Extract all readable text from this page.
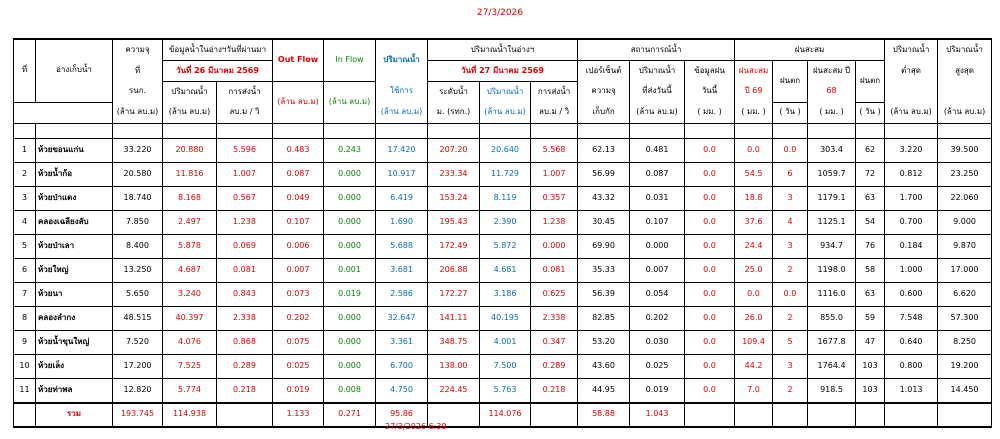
27/3/2026
ที่	อ่างเก็บน้ำ	ความจุ	ข้อมูลน้ำในอ่างฯวันที่ผ่านมา		Out Flow	In Flow	ปริมาณน้ำ	ปริมาณน้ำในอ่างฯ			สถานการณ์น้ำ			ฝนสะสม				ปริมาณน้ำ	ปริมาณน้ำ
		ที่	วันที่ 26 มีนาคม 2569					วันที่ 27 มีนาคม 2569			เปอร์เซ็นต์	ปริมาณน้ำ	ข้อมูลฝน	ฝนสะสม	ฝนตก	ฝนสะสม ปี	ฝนตก	ต่ำสุด	สูงสุด
		รนก.	ปริมาณน้ำ	การส่งน้ำ	(ล้าน ลบ.ม)	(ล้าน ลบ.ม)	ใช้การ	ระดับน้ำ	ปริมาณน้ำ	การส่งน้ำ	ความจุ	ที่ส่งวันนี้	วันนี้	ปี 69		68			
		(ล้าน ลบ.ม)	(ล้าน ลบ.ม)	ลบ.ม / วิ			(ล้าน ลบ.ม)	ม. (รทก.)	(ล้าน ลบ.ม)	ลบ.ม / วิ	เก็บกัก	(ล้าน ลบ.ม)	( มม. )	( มม. )	( วัน )	( มม. )	( วัน )	(ล้าน ลบ.ม)	(ล้าน ลบ.ม)

1	ห้วยขอนแก่น	33.220	20.880	5.596	0.483	0.243	17.420	207.20	20.640	5.568	62.13	0.481	0.0	0.0	0.0	303.4	62	3.220	39.500
2	ห้วยน้ำก้อ	20.580	11.816	1.007	0.087	0.000	10.917	233.34	11.729	1.007	56.99	0.087	0.0	54.5	6	1059.7	72	0.812	23.250
3	ห้วยป่าแดง	18.740	8.168	0.567	0.049	0.000	6.419	153.24	8.119	0.357	43.32	0.031	0.0	18.8	3	1179.1	63	1.700	22.060
4	คลองเฉลียงลับ	7.850	2.497	1.238	0.107	0.000	1.690	195.43	2.390	1.238	30.45	0.107	0.0	37.6	4	1125.1	54	0.700	9.000
5	ห้วยป่าเลา	8.400	5.878	0.069	0.006	0.000	5.688	172.49	5.872	0.000	69.90	0.000	0.0	24.4	3	934.7	76	0.184	9.870
6	ห้วยใหญ่	13.250	4.687	0.081	0.007	0.001	3.681	206.88	4.681	0.081	35.33	0.007	0.0	25.0	2	1198.0	58	1.000	17.000
7	ห้วยนา	5.650	3.240	0.843	0.073	0.019	2.586	172.27	3.186	0.625	56.39	0.054	0.0	0.0	0.0	1116.0	63	0.600	6.620
8	คลองลำกง	48.515	40.397	2.338	0.202	0.000	32.647	141.11	40.195	2.338	82.85	0.202	0.0	26.0	2	855.0	59	7.548	57.300
9	ห้วยน้ำขุนใหญ่	7.520	4.076	0.868	0.075	0.000	3.361	348.75	4.001	0.347	53.20	0.030	0.0	109.4	5	1677.8	47	0.640	8.250
10	ห้วยเล็ง	17.200	7.525	0.289	0.025	0.000	6.700	138.00	7.500	0.289	43.60	0.025	0.0	44.2	3	1764.4	103	0.800	19.200
11	ห้วยท่าพล	12.820	5.774	0.218	0.019	0.008	4.750	224.45	5.763	0.218	44.95	0.019	0.0	7.0	2	918.5	103	1.013	14.450
	รวม	193.745	114.938		1.133	0.271	95.86		114.076		58.88	1.043							
27/3/2026 6:39
